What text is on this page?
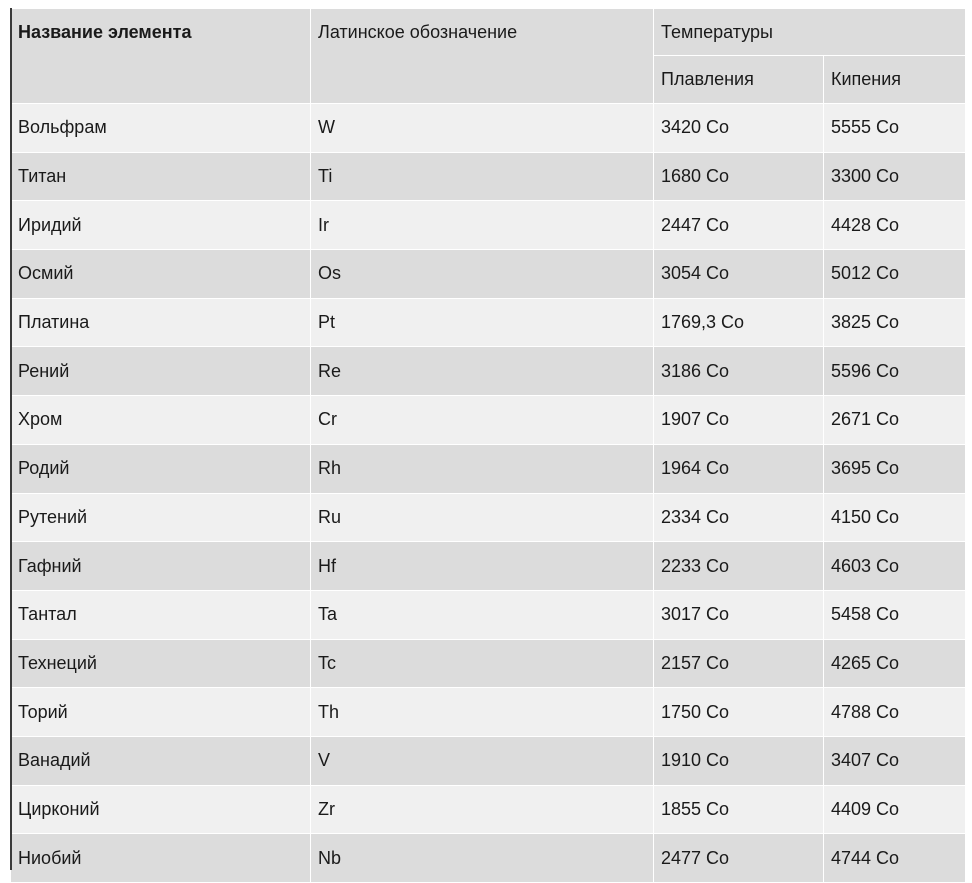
Название элемента	Латинское обозначение	Температуры	
		Плавления	Кипения
Вольфрам	W	3420 Со	5555 Со
Титан	Ti	1680 Со	3300 Со
Иридий	Ir	2447 Со	4428 Со
Осмий	Os	3054 Со	5012 Со
Платина	Pt	1769,3 Со	3825 Со
Рений	Re	3186 Со	5596 Со
Хром	Cr	1907 Со	2671 Со
Родий	Rh	1964 Со	3695 Со
Рутений	Ru	2334 Со	4150 Со
Гафний	Hf	2233 Со	4603 Со
Тантал	Ta	3017 Со	5458 Со
Технеций	Tc	2157 Со	4265 Со
Торий	Th	1750 Со	4788 Со
Ванадий	V	1910 Со	3407 Со
Цирконий	Zr	1855 Со	4409 Со
Ниобий	Nb	2477 Со	4744 Со
